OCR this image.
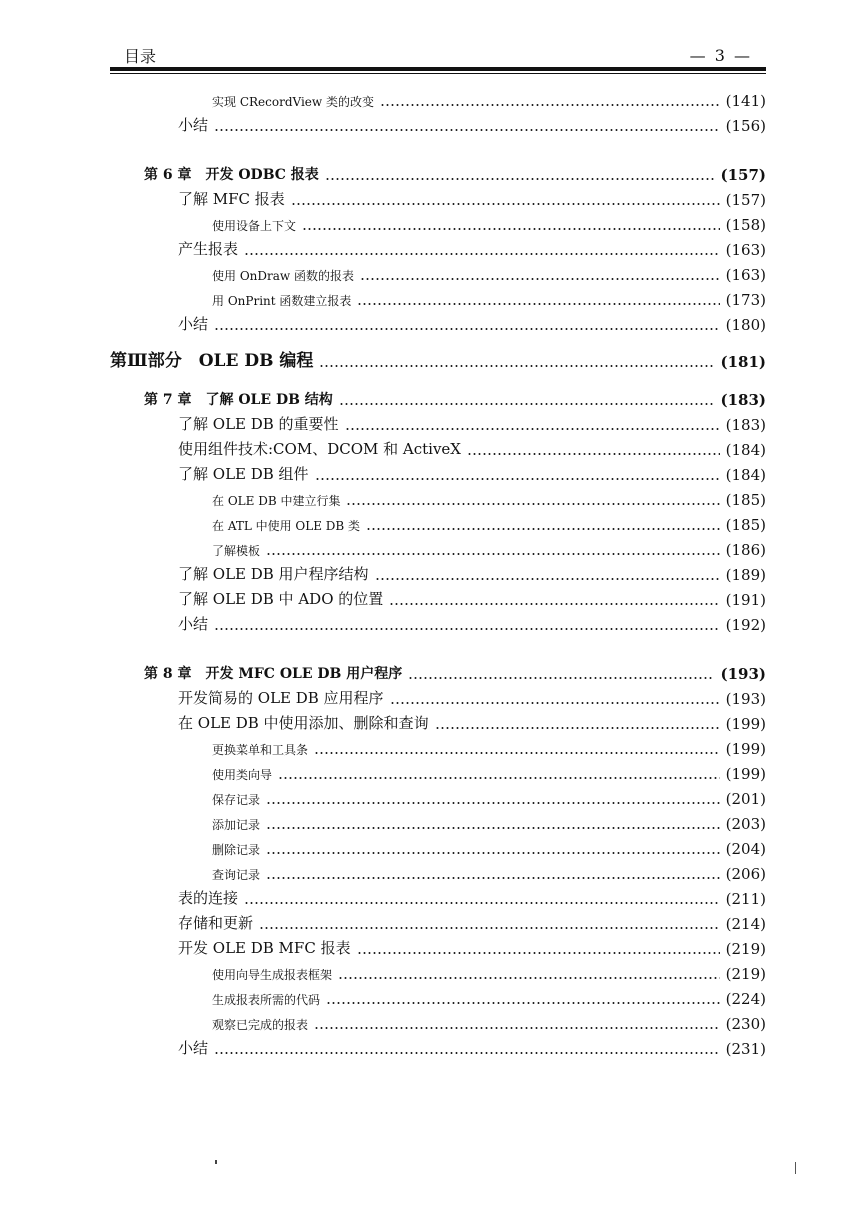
目录	— 3 —
实现 CRecordView 类的改变	(141)
小结	(156)
第 6 章　开发 ODBC 报表	(157)
了解 MFC 报表	(157)
使用设备上下文	(158)
产生报表	(163)
使用 OnDraw 函数的报表	(163)
用 OnPrint 函数建立报表	(173)
小结	(180)
第Ⅲ部分　OLE DB 编程	(181)
第 7 章　了解 OLE DB 结构	(183)
了解 OLE DB 的重要性	(183)
使用组件技术:COM、DCOM 和 ActiveX	(184)
了解 OLE DB 组件	(184)
在 OLE DB 中建立行集	(185)
在 ATL 中使用 OLE DB 类	(185)
了解模板	(186)
了解 OLE DB 用户程序结构	(189)
了解 OLE DB 中 ADO 的位置	(191)
小结	(192)
第 8 章　开发 MFC OLE DB 用户程序	(193)
开发简易的 OLE DB 应用程序	(193)
在 OLE DB 中使用添加、删除和查询	(199)
更换菜单和工具条	(199)
使用类向导	(199)
保存记录	(201)
添加记录	(203)
删除记录	(204)
查询记录	(206)
表的连接	(211)
存储和更新	(214)
开发 OLE DB MFC 报表	(219)
使用向导生成报表框架	(219)
生成报表所需的代码	(224)
观察已完成的报表	(230)
小结	(231)
